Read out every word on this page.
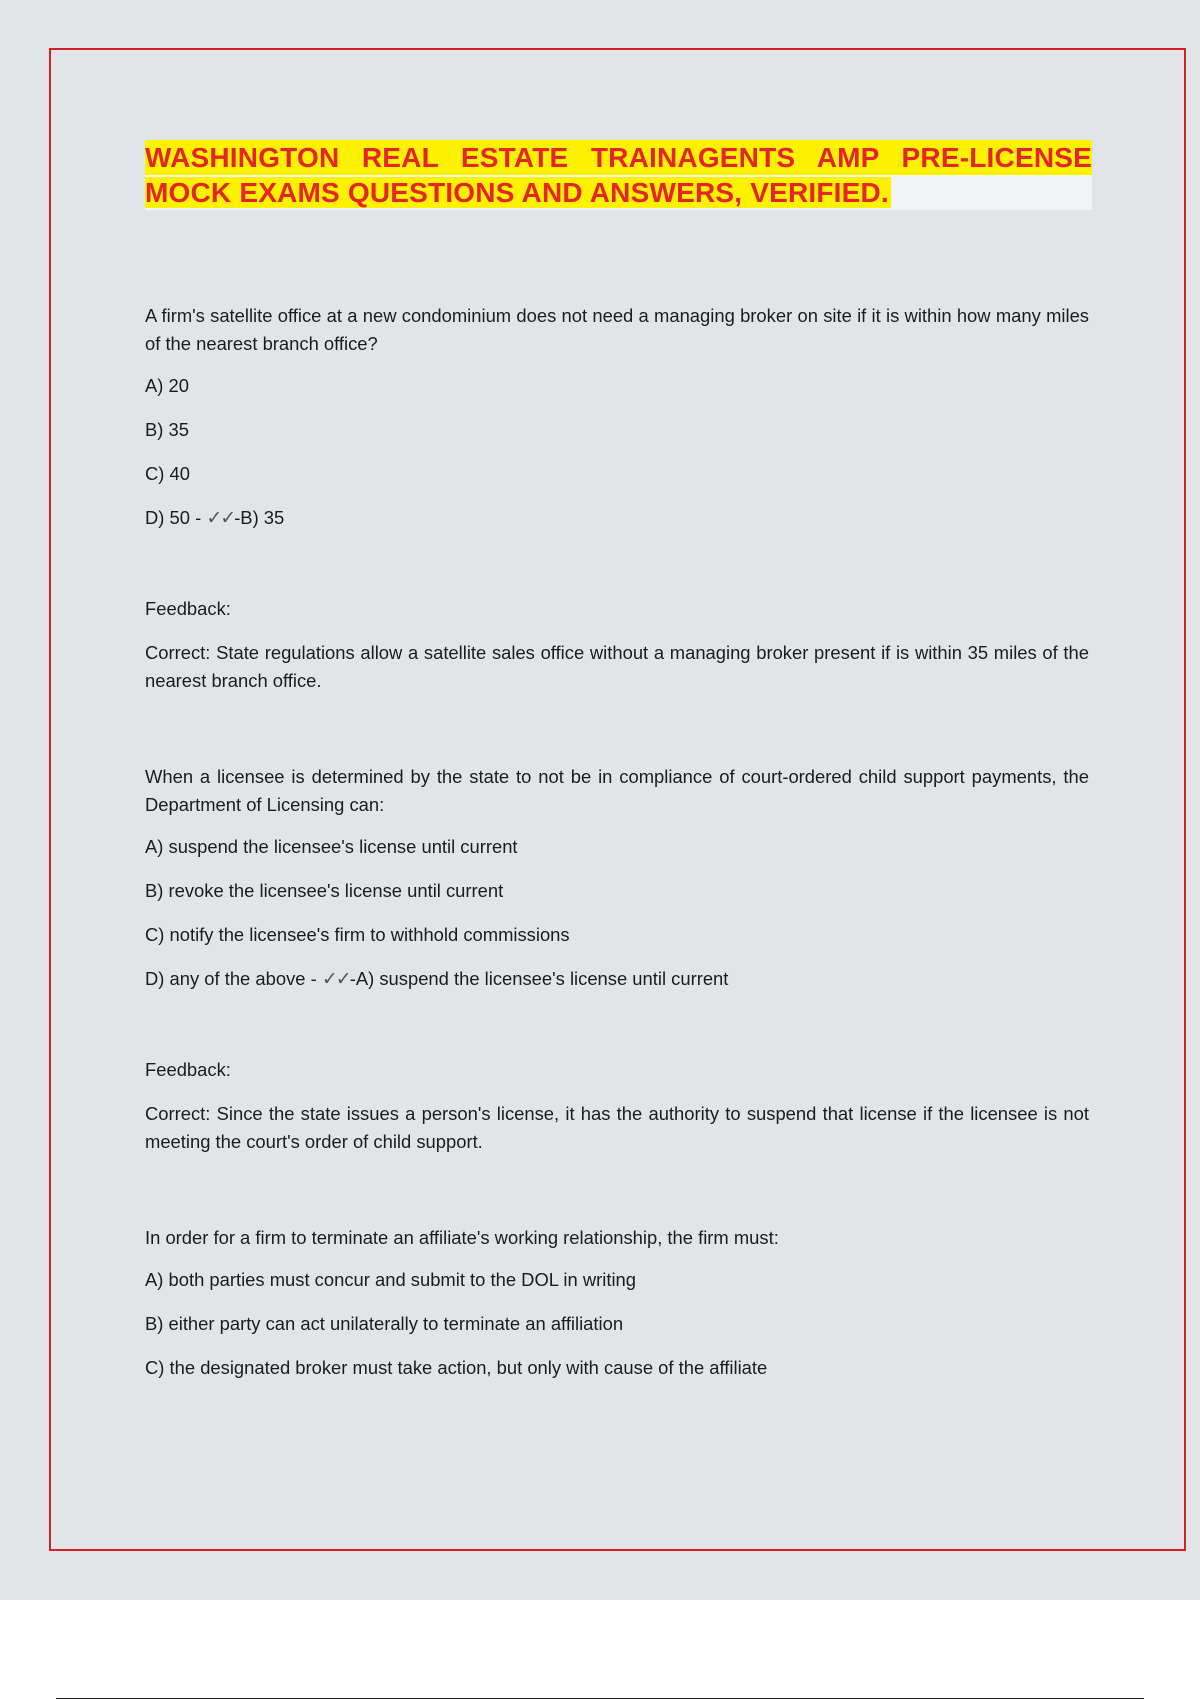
WASHINGTON REAL ESTATE TRAINAGENTS AMP PRE-LICENSE
MOCK EXAMS QUESTIONS AND ANSWERS, VERIFIED.

A firm's satellite office at a new condominium does not need a managing broker on site if it is within how many miles of the nearest branch office?

A) 20

B) 35

C) 40

D) 50 - ✓✓-B) 35

Feedback:

Correct: State regulations allow a satellite sales office without a managing broker present if is within 35 miles of the nearest branch office.

When a licensee is determined by the state to not be in compliance of court-ordered child support payments, the Department of Licensing can:

A) suspend the licensee's license until current

B) revoke the licensee's license until current

C) notify the licensee's firm to withhold commissions

D) any of the above - ✓✓-A) suspend the licensee's license until current

Feedback:

Correct: Since the state issues a person's license, it has the authority to suspend that license if the licensee is not meeting the court's order of child support.

In order for a firm to terminate an affiliate's working relationship, the firm must:

A) both parties must concur and submit to the DOL in writing

B) either party can act unilaterally to terminate an affiliation

C) the designated broker must take action, but only with cause of the affiliate
